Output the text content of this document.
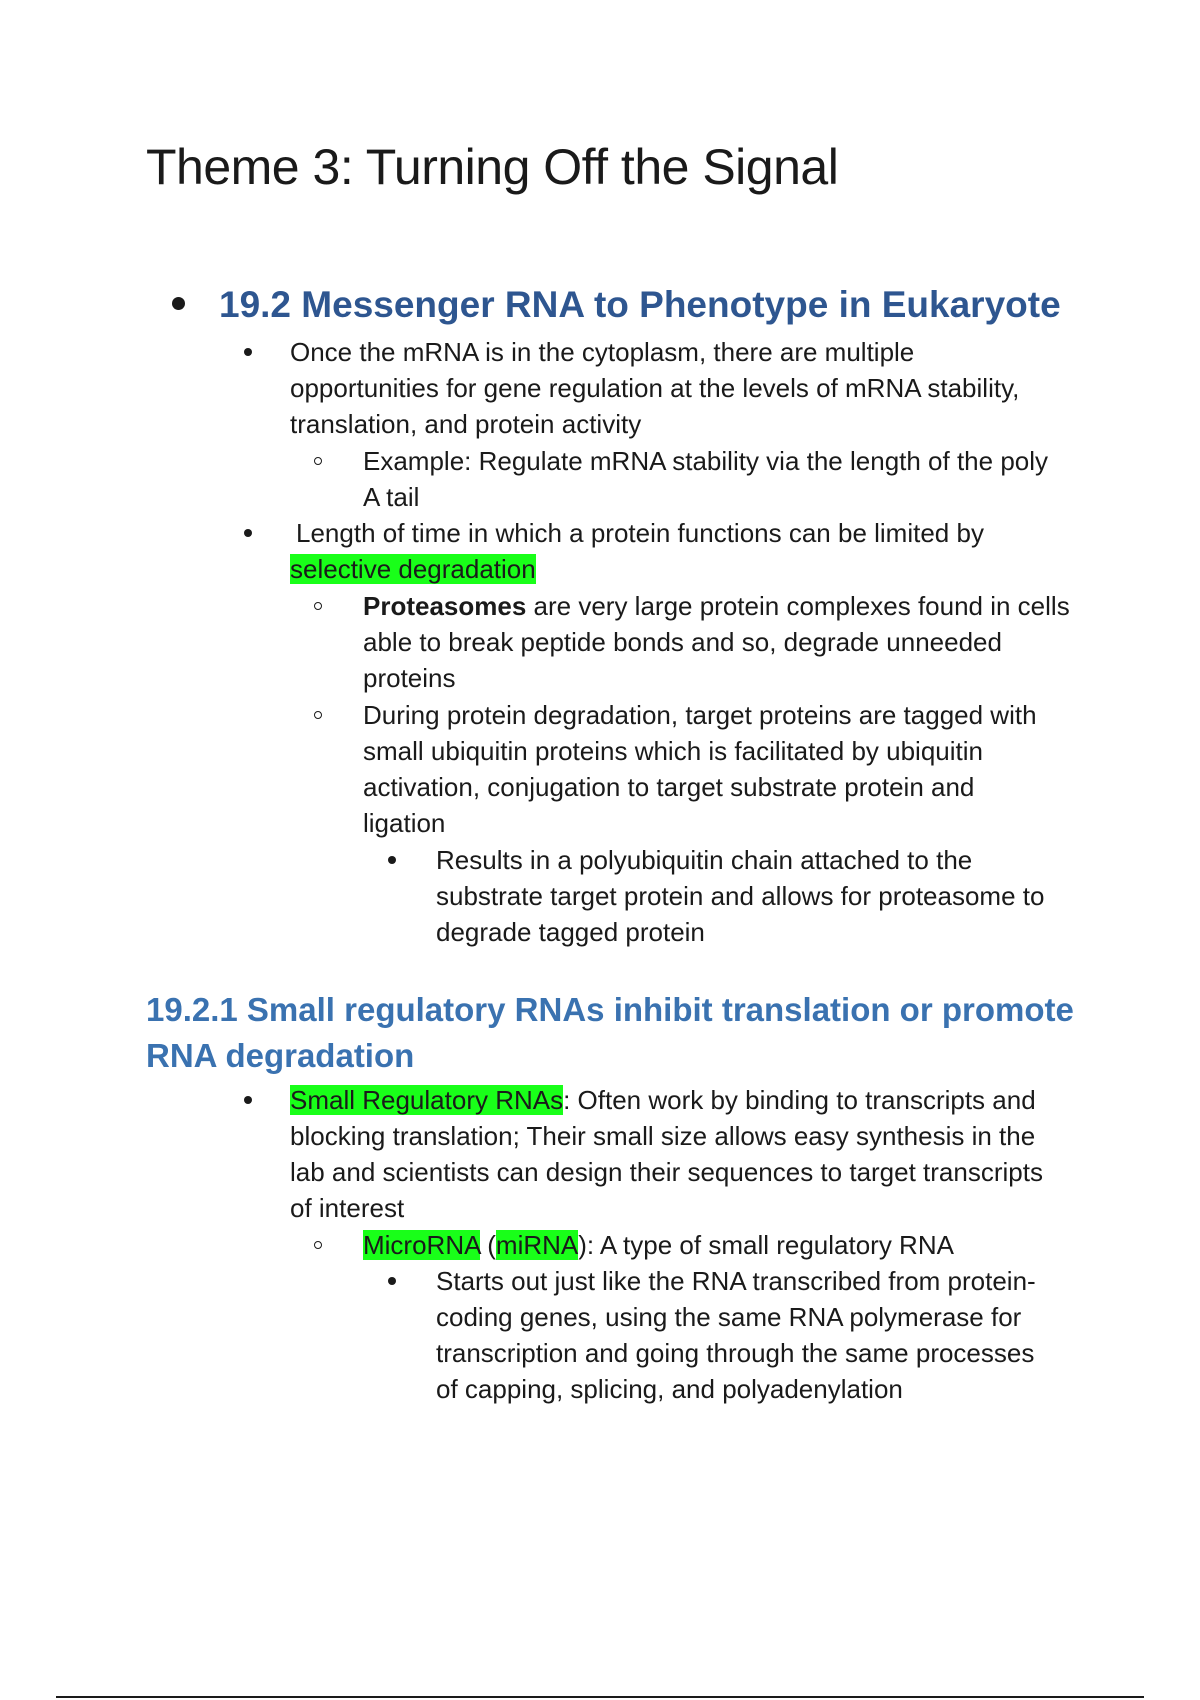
Theme 3: Turning Off the Signal
19.2 Messenger RNA to Phenotype in Eukaryote
Once the mRNA is in the cytoplasm, there are multiple
opportunities for gene regulation at the levels of mRNA stability,
translation, and protein activity
Example: Regulate mRNA stability via the length of the poly
A tail
Length of time in which a protein functions can be limited by
selective degradation
Proteasomes are very large protein complexes found in cells
able to break peptide bonds and so, degrade unneeded
proteins
During protein degradation, target proteins are tagged with
small ubiquitin proteins which is facilitated by ubiquitin
activation, conjugation to target substrate protein and
ligation
Results in a polyubiquitin chain attached to the
substrate target protein and allows for proteasome to
degrade tagged protein
19.2.1 Small regulatory RNAs inhibit translation or promote
RNA degradation
Small Regulatory RNAs: Often work by binding to transcripts and
blocking translation; Their small size allows easy synthesis in the
lab and scientists can design their sequences to target transcripts
of interest
MicroRNA (miRNA): A type of small regulatory RNA
Starts out just like the RNA transcribed from protein-
coding genes, using the same RNA polymerase for
transcription and going through the same processes
of capping, splicing, and polyadenylation
